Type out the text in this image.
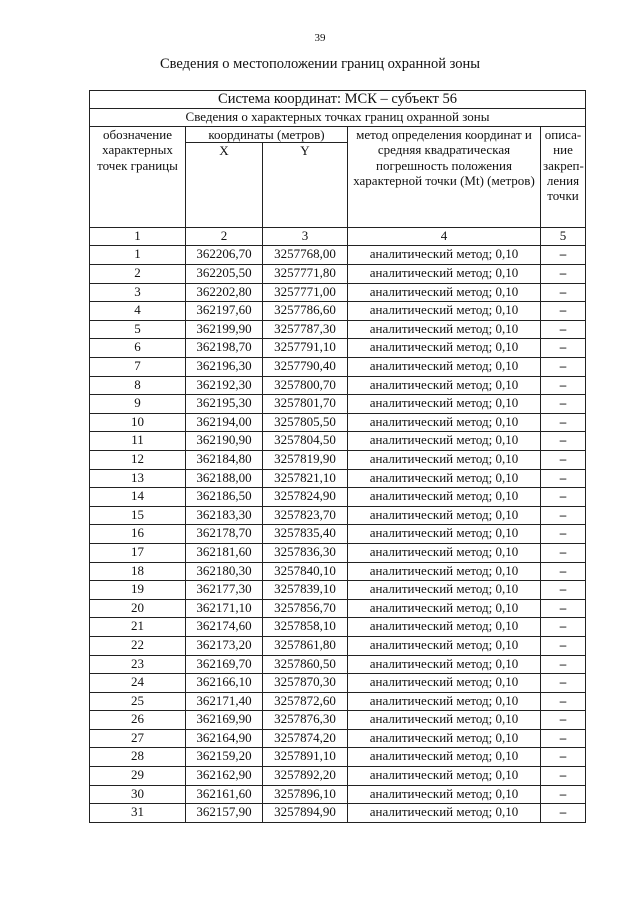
39
Сведения о местоположении границ охранной зоны
Система координат: МСК – субъект 56				
Сведения о характерных точках границ охранной зоны				
обозначение характерных точек границы	координаты (метров)		метод определения координат и средняя квадратическая погрешность положения характерной точки (Mt) (метров)	описа-ние закреп-ления точки
	X	Y		
1	2	3	4	5
1	362206,70	3257768,00	аналитический метод; 0,10	–
2	362205,50	3257771,80	аналитический метод; 0,10	–
3	362202,80	3257771,00	аналитический метод; 0,10	–
4	362197,60	3257786,60	аналитический метод; 0,10	–
5	362199,90	3257787,30	аналитический метод; 0,10	–
6	362198,70	3257791,10	аналитический метод; 0,10	–
7	362196,30	3257790,40	аналитический метод; 0,10	–
8	362192,30	3257800,70	аналитический метод; 0,10	–
9	362195,30	3257801,70	аналитический метод; 0,10	–
10	362194,00	3257805,50	аналитический метод; 0,10	–
11	362190,90	3257804,50	аналитический метод; 0,10	–
12	362184,80	3257819,90	аналитический метод; 0,10	–
13	362188,00	3257821,10	аналитический метод; 0,10	–
14	362186,50	3257824,90	аналитический метод; 0,10	–
15	362183,30	3257823,70	аналитический метод; 0,10	–
16	362178,70	3257835,40	аналитический метод; 0,10	–
17	362181,60	3257836,30	аналитический метод; 0,10	–
18	362180,30	3257840,10	аналитический метод; 0,10	–
19	362177,30	3257839,10	аналитический метод; 0,10	–
20	362171,10	3257856,70	аналитический метод; 0,10	–
21	362174,60	3257858,10	аналитический метод; 0,10	–
22	362173,20	3257861,80	аналитический метод; 0,10	–
23	362169,70	3257860,50	аналитический метод; 0,10	–
24	362166,10	3257870,30	аналитический метод; 0,10	–
25	362171,40	3257872,60	аналитический метод; 0,10	–
26	362169,90	3257876,30	аналитический метод; 0,10	–
27	362164,90	3257874,20	аналитический метод; 0,10	–
28	362159,20	3257891,10	аналитический метод; 0,10	–
29	362162,90	3257892,20	аналитический метод; 0,10	–
30	362161,60	3257896,10	аналитический метод; 0,10	–
31	362157,90	3257894,90	аналитический метод; 0,10	–
